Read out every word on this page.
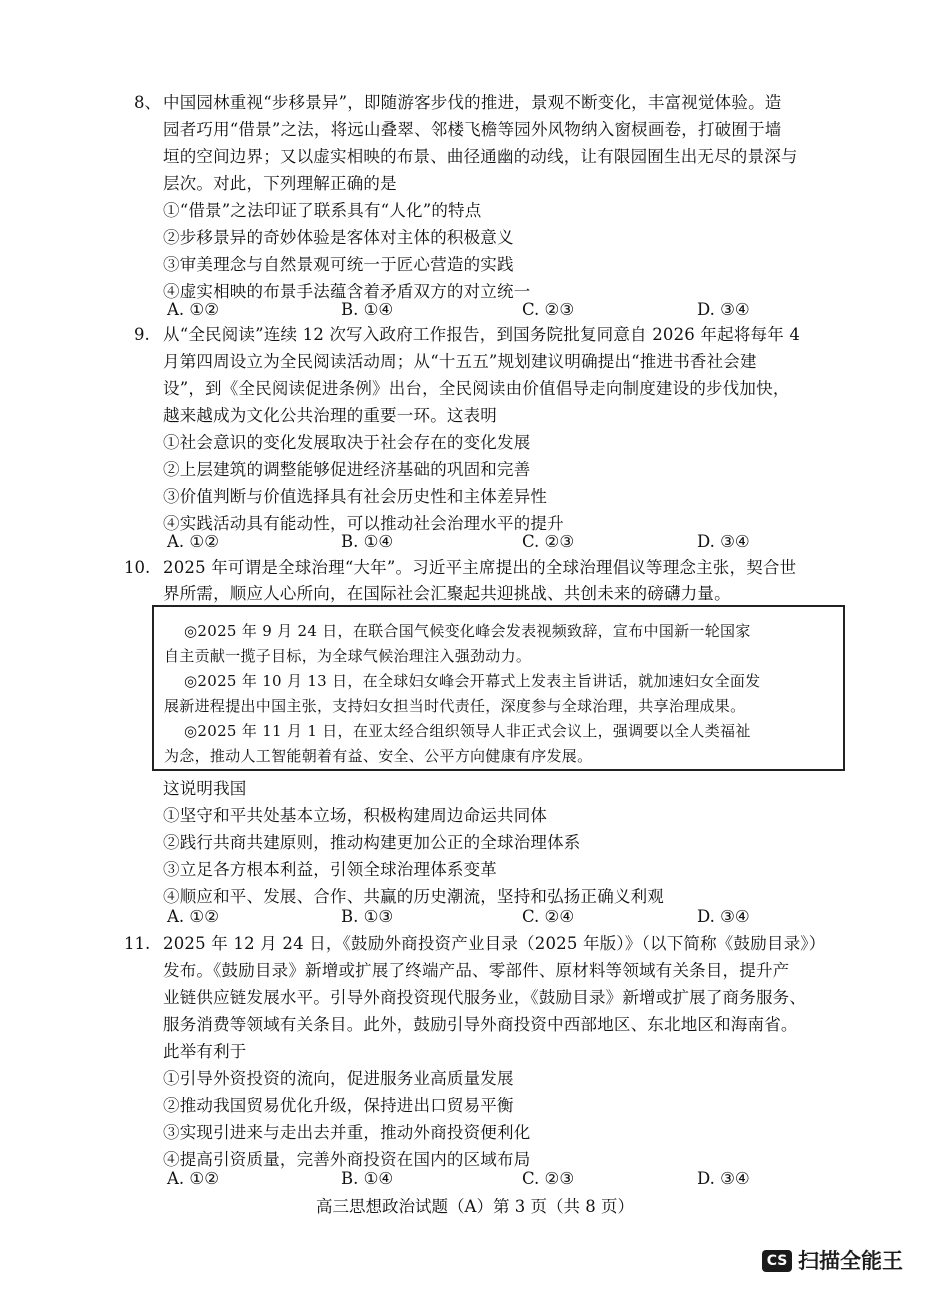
8、 中国园林重视“步移景异”，即随游客步伐的推进，景观不断变化，丰富视觉体验。造
园者巧用“借景”之法，将远山叠翠、邻楼飞檐等园外风物纳入窗棂画卷，打破囿于墙
垣的空间边界；又以虚实相映的布景、曲径通幽的动线，让有限园囿生出无尽的景深与
层次。对此，下列理解正确的是
①“借景”之法印证了联系具有“人化”的特点
②步移景异的奇妙体验是客体对主体的积极意义
③审美理念与自然景观可统一于匠心营造的实践
④虚实相映的布景手法蕴含着矛盾双方的对立统一
A. ①②	B. ①④	C. ②③	D. ③④
9. 从“全民阅读”连续 12 次写入政府工作报告，到国务院批复同意自 2026 年起将每年 4
月第四周设立为全民阅读活动周；从“十五五”规划建议明确提出“推进书香社会建
设”，到《全民阅读促进条例》出台，全民阅读由价值倡导走向制度建设的步伐加快，
越来越成为文化公共治理的重要一环。这表明
①社会意识的变化发展取决于社会存在的变化发展
②上层建筑的调整能够促进经济基础的巩固和完善
③价值判断与价值选择具有社会历史性和主体差异性
④实践活动具有能动性，可以推动社会治理水平的提升
A. ①②	B. ①④	C. ②③	D. ③④
10. 2025 年可谓是全球治理“大年”。习近平主席提出的全球治理倡议等理念主张，契合世
界所需，顺应人心所向，在国际社会汇聚起共迎挑战、共创未来的磅礴力量。
◎2025 年 9 月 24 日，在联合国气候变化峰会发表视频致辞，宣布中国新一轮国家
自主贡献一揽子目标，为全球气候治理注入强劲动力。
◎2025 年 10 月 13 日，在全球妇女峰会开幕式上发表主旨讲话，就加速妇女全面发
展新进程提出中国主张，支持妇女担当时代责任，深度参与全球治理，共享治理成果。
◎2025 年 11 月 1 日，在亚太经合组织领导人非正式会议上，强调要以全人类福祉
为念，推动人工智能朝着有益、安全、公平方向健康有序发展。
这说明我国
①坚守和平共处基本立场，积极构建周边命运共同体
②践行共商共建原则，推动构建更加公正的全球治理体系
③立足各方根本利益，引领全球治理体系变革
④顺应和平、发展、合作、共赢的历史潮流，坚持和弘扬正确义利观
A. ①②	B. ①③	C. ②④	D. ③④
11. 2025 年 12 月 24 日，《鼓励外商投资产业目录（2025 年版）》（以下简称《鼓励目录》）
发布。《鼓励目录》新增或扩展了终端产品、零部件、原材料等领域有关条目，提升产
业链供应链发展水平。引导外商投资现代服务业，《鼓励目录》新增或扩展了商务服务、
服务消费等领域有关条目。此外，鼓励引导外商投资中西部地区、东北地区和海南省。
此举有利于
①引导外资投资的流向，促进服务业高质量发展
②推动我国贸易优化升级，保持进出口贸易平衡
③实现引进来与走出去并重，推动外商投资便利化
④提高引资质量，完善外商投资在国内的区域布局
A. ①②	B. ①④	C. ②③	D. ③④
高三思想政治试题（A）第 3 页（共 8 页）
CS 扫描全能王
